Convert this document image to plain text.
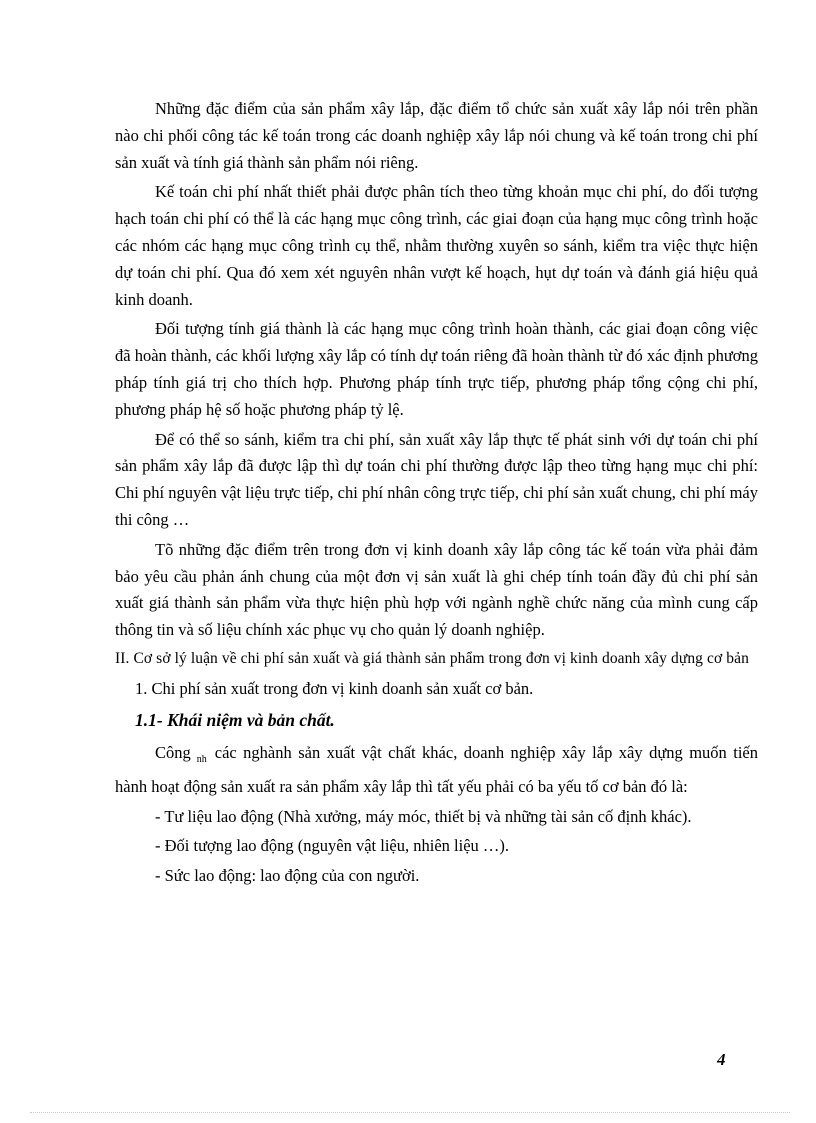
Những đặc điểm của sản phẩm xây lắp, đặc điểm tổ chức sản xuất xây lắp nói trên phần nào chi phối công tác kế toán trong các doanh nghiệp xây lắp nói chung và kế toán trong chi phí sản xuất và tính giá thành sản phẩm nói riêng.

Kế toán chi phí nhất thiết phải được phân tích theo từng khoản mục chi phí, do đối tượng hạch toán chi phí có thể là các hạng mục công trình, các giai đoạn của hạng mục công trình hoặc các nhóm các hạng mục công trình cụ thể, nhằm thường xuyên so sánh, kiểm tra việc thực hiện dự toán chi phí. Qua đó xem xét nguyên nhân vượt kế hoạch, hụt dự toán và đánh giá hiệu quả kinh doanh.

Đối tượng tính giá thành là các hạng mục công trình hoàn thành, các giai đoạn công việc đã hoàn thành, các khối lượng xây lắp có tính dự toán riêng đã hoàn thành từ đó xác định phương pháp tính giá trị cho thích hợp. Phương pháp tính trực tiếp, phương pháp tổng cộng chi phí, phương pháp hệ số hoặc phương pháp tỷ lệ.

Để có thể so sánh, kiểm tra chi phí, sản xuất xây lắp thực tế phát sinh với dự toán chi phí sản phẩm xây lắp đã được lập thì dự toán chi phí thường được lập theo từng hạng mục chi phí: Chi phí nguyên vật liệu trực tiếp, chi phí nhân công trực tiếp, chi phí sản xuất chung, chi phí máy thi công …

Tõ những đặc điểm trên trong đơn vị kinh doanh xây lắp công tác kế toán vừa phải đảm bảo yêu cầu phản ánh chung của một đơn vị sản xuất là ghi chép tính toán đầy đủ chi phí sản xuất giá thành sản phẩm vừa thực hiện phù hợp với ngành nghề chức năng của mình cung cấp thông tin và số liệu chính xác phục vụ cho quản lý doanh nghiệp.

II. Cơ sở lý luận về chi phí sản xuất và giá thành sản phẩm trong đơn vị kinh doanh xây dựng cơ bản

1. Chi phí sản xuất trong đơn vị kinh doanh sản xuất cơ bản.

1.1- Khái niệm và bản chất.

Công $_{nh}$ các nghành sản xuất vật chất khác, doanh nghiệp xây lắp xây dựng muốn tiến hành hoạt động sản xuất ra sản phẩm xây lắp thì tất yếu phải có ba yếu tố cơ bản đó là:

- Tư liệu lao động (Nhà xưởng, máy móc, thiết bị và những tài sản cố định khác).

- Đối tượng lao động (nguyên vật liệu, nhiên liệu …).

- Sức lao động: lao động của con người.

4
